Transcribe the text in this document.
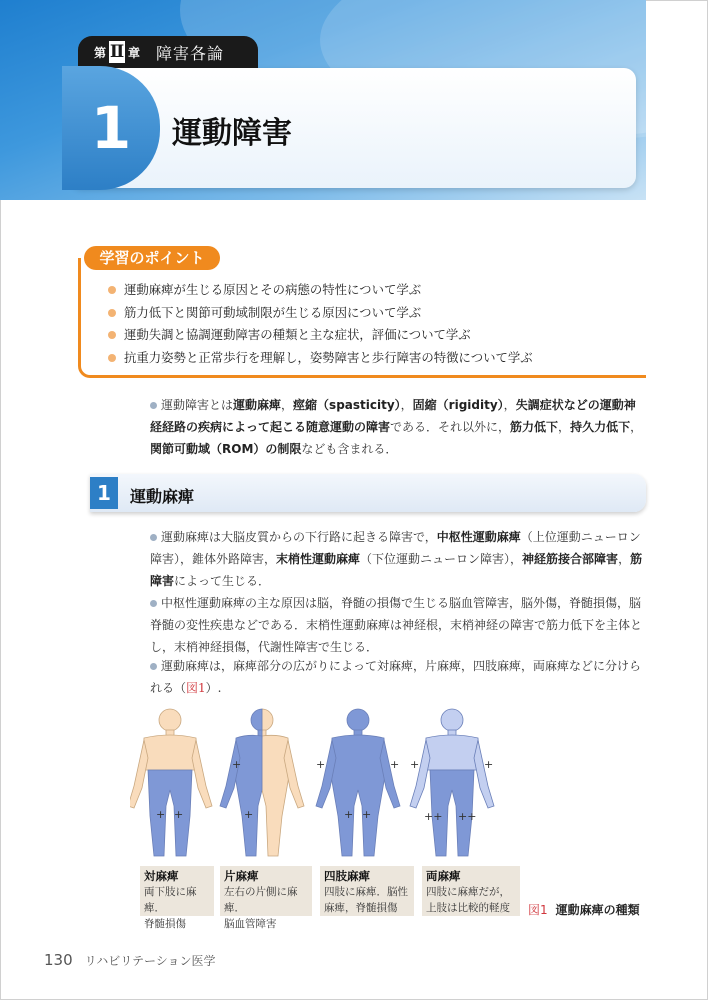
第 Ⅱ 章 障害各論
1	運動障害
学習のポイント
運動麻痺が生じる原因とその病態の特性について学ぶ
筋力低下と関節可動域制限が生じる原因について学ぶ
運動失調と協調運動障害の種類と主な症状，評価について学ぶ
抗重力姿勢と正常歩行を理解し，姿勢障害と歩行障害の特徴について学ぶ
運動障害とは運動麻痺，痙縮（spasticity），固縮（rigidity），失調症状などの運動神経経路の疾病によって起こる随意運動の障害である．それ以外に，筋力低下，持久力低下，関節可動域（ROM）の制限なども含まれる．
1	運動麻痺
運動麻痺は大脳皮質からの下行路に起きる障害で，中枢性運動麻痺（上位運動ニューロン障害），錐体外路障害，末梢性運動麻痺（下位運動ニューロン障害），神経筋接合部障害，筋障害によって生じる．
中枢性運動麻痺の主な原因は脳，脊髄の損傷で生じる脳血管障害，脳外傷，脊髄損傷，脳脊髄の変性疾患などである．末梢性運動麻痺は神経根，末梢神経の障害で筋力低下を主体とし，末梢神経損傷，代謝性障害で生じる．
運動麻痺は，麻痺部分の広がりによって対麻痺，片麻痺，四肢麻痺，両麻痺などに分けられる（図1）.
+ +
+
+
+	+
+ +
+	+
++ ++
対麻痺
両下肢に麻痺．
脊髄損傷
片麻痺
左右の片側に麻痺．
脳血管障害
四肢麻痺
四肢に麻痺．脳性
麻痺，脊髄損傷
両麻痺
四肢に麻痺だが，
上肢は比較的軽度	図1 運動麻痺の種類
130 リハビリテーション医学
